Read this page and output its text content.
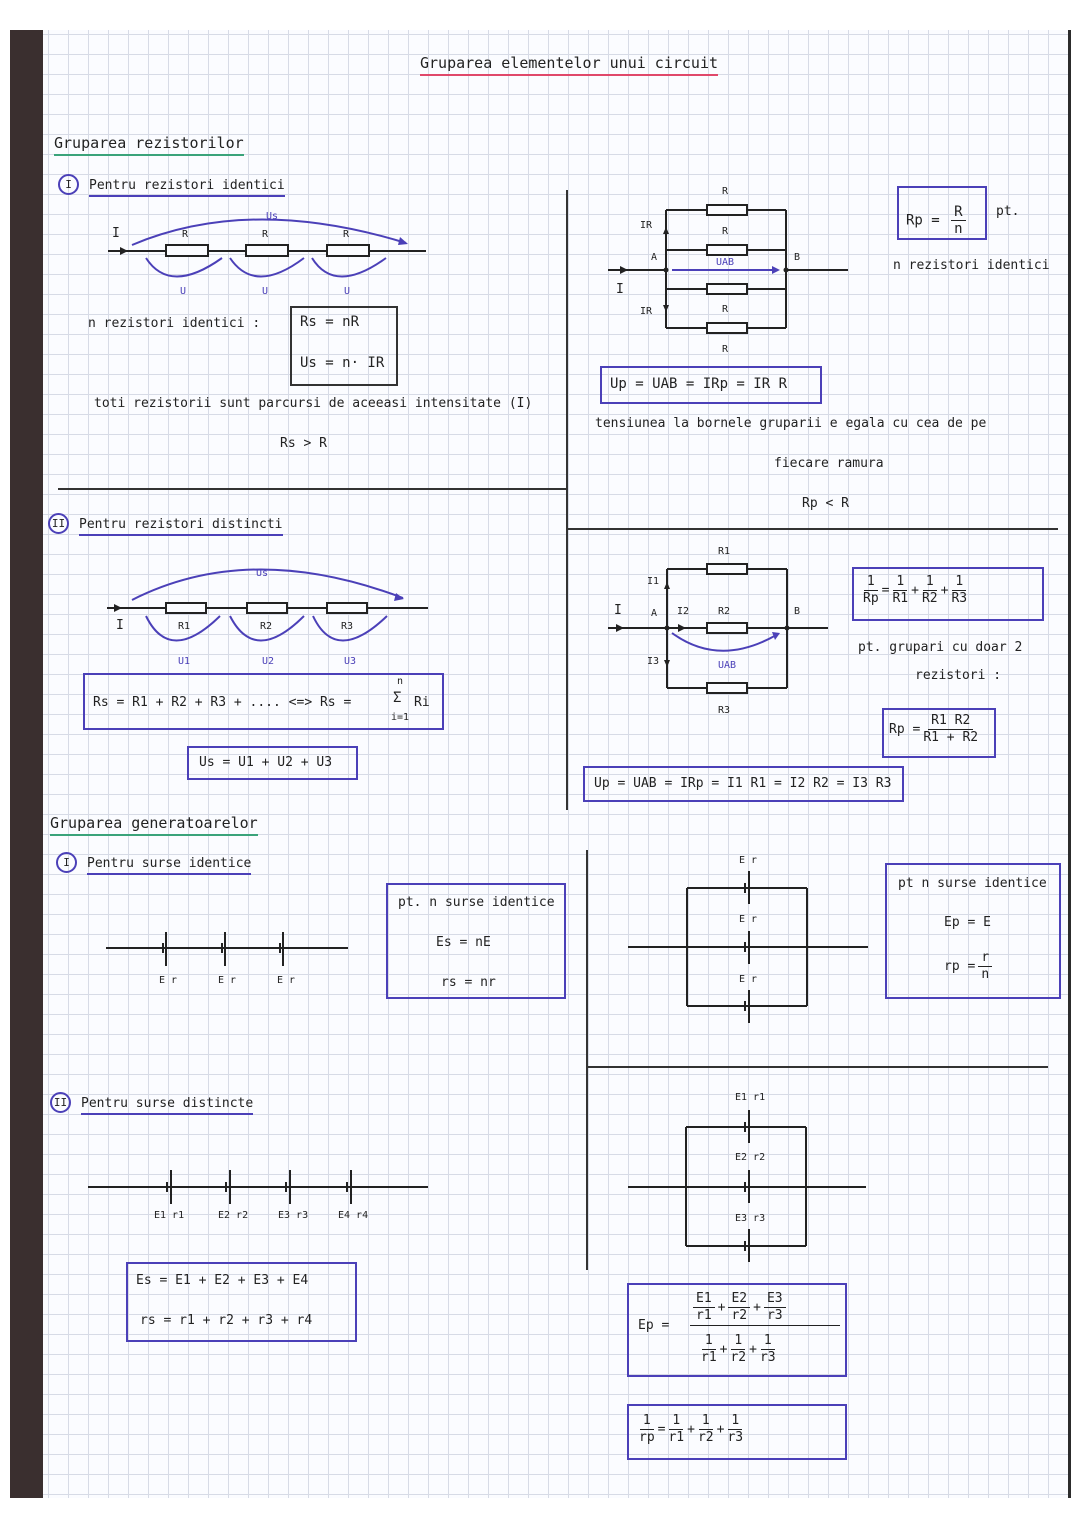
Gruparea elementelor unui circuit
Gruparea rezistorilor
I Pentru rezistori identici
I	R	R	R
Us
U	U	U
n rezistori identici :	Rs = nR
Us = n· IR
toti rezistorii sunt parcursi de aceeasi intensitate (I)
Rs > R
R
R
R
R
IR
IR
I
A	B
UAB
$Rp = \frac{R}{n}$ pt.
n rezistori identici
Up = UAB = IRp = IR R
tensiunea la bornele gruparii e egala cu cea de pe
fiecare ramura
Rp < R
II Pentru rezistori distincti
I	R1	R2	R3
Us
U1	U2	U3
Rs = R1 + R2 + R3 + .... <=> Rs =
n
Σ
i=1
Ri
Us = U1 + U2 + U3
R1
R2
R3
I1
I2
I3
I	A	B
UAB
$\frac{1}{Rp} = \frac{1}{R1} + \frac{1}{R2} + \frac{1}{R3}$
pt. grupari cu doar 2
rezistori :
$Rp = \frac{R1 R2}{R1 + R2}$
Up = UAB = IRp = I1 R1 = I2 R2 = I3 R3
Gruparea generatoarelor
I Pentru surse identice
E r	E r	E r
pt. n surse identice
Es = nE
rs = nr
E r
E r
E r
pt n surse identice
Ep = E
rp = $\frac{r}{n}$
II Pentru surse distincte
E1 r1	E2 r2	E3 r3	E4 r4
Es = E1 + E2 + E3 + E4
rs = r1 + r2 + r3 + r4
E1 r1
E2 r2
E3 r3
Ep =
$\frac{E1}{r1} + \frac{E2}{r2} + \frac{E3}{r3}$
$\frac{1}{r1} + \frac{1}{r2} + \frac{1}{r3}$
$\frac{1}{rp} = \frac{1}{r1} + \frac{1}{r2} + \frac{1}{r3}$
